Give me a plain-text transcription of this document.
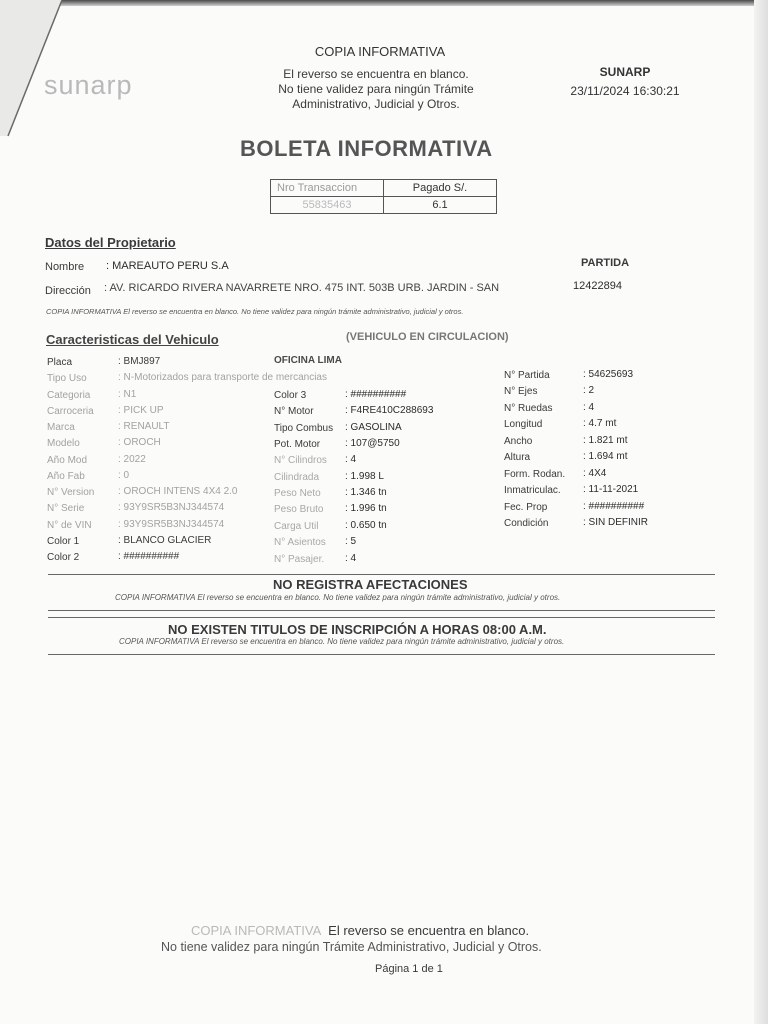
sunarp
COPIA INFORMATIVA
El reverso se encuentra en blanco.
No tiene validez para ningún Trámite
Administrativo, Judicial y Otros.
SUNARP
23/11/2024 16:30:21
BOLETA INFORMATIVA
Nro Transaccion	Pagado S/.
55835463	6.1
Datos del Propietario
Nombre : MAREAUTO PERU S.A	PARTIDA
Dirección : AV. RICARDO RIVERA NAVARRETE NRO. 475 INT. 503B URB. JARDIN - SAN	12422894
COPIA INFORMATIVA El reverso se encuentra en blanco. No tiene validez para ningún trámite administrativo, judicial y otros.
Caracteristicas del Vehiculo	(VEHICULO EN CIRCULACION)
OFICINA LIMA
Placa	: BMJ897
Tipo Uso	: N-Motorizados para transporte de mercancias
Categoria	: N1
Carroceria : PICK UP
Marca	: RENAULT
Modelo	: OROCH
Año Mod	: 2022
Año Fab	: 0
N° Version : OROCH INTENS 4X4 2.0
N° Serie	: 93Y9SR5B3NJ344574
N° de VIN	: 93Y9SR5B3NJ344574
Color 1	: BLANCO GLACIER
Color 2	: ##########
Color 3	: ##########
N° Motor	: F4RE410C288693
Tipo Combus : GASOLINA
Pot. Motor : 107@5750
N° Cilindros : 4
Cilindrada	: 1.998 L
Peso Neto : 1.346 tn
Peso Bruto : 1.996 tn
Carga Util	: 0.650 tn
N° Asientos : 5
N° Pasajer. : 4
N° Partida	: 54625693
N° Ejes	: 2
N° Ruedas	: 4
Longitud	: 4.7 mt
Ancho	: 1.821 mt
Altura	: 1.694 mt
Form. Rodan. : 4X4
Inmatriculac. : 11-11-2021
Fec. Prop	: ##########
Condición	: SIN DEFINIR
NO REGISTRA AFECTACIONES
COPIA INFORMATIVA El reverso se encuentra en blanco. No tiene validez para ningún trámite administrativo, judicial y otros.
NO EXISTEN TITULOS DE INSCRIPCIÓN A HORAS 08:00 A.M.
COPIA INFORMATIVA El reverso se encuentra en blanco. No tiene validez para ningún trámite administrativo, judicial y otros.
COPIA INFORMATIVA El reverso se encuentra en blanco.
No tiene validez para ningún Trámite Administrativo, Judicial y Otros.
Página 1 de 1
